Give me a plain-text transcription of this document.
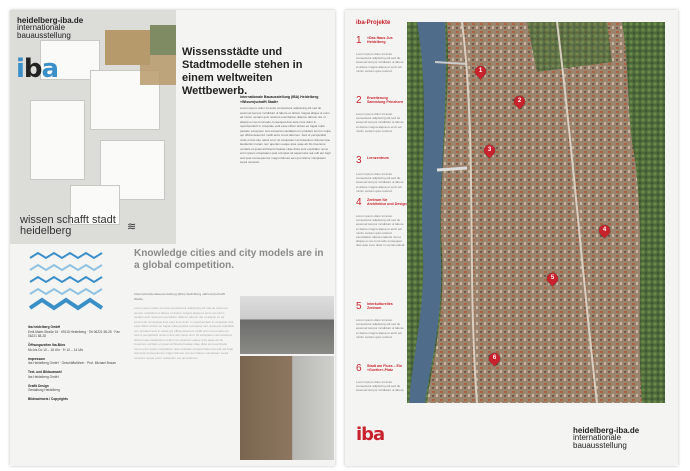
heidelberg-iba.de
internationale bauausstellung
iba
wissen schafft stadt heidelberg	≋
Wissensstädte und Stadtmodelle stehen in einem weltweiten Wettbewerb.
Internationale Bauausstellung (IBA) Heidelberg »Wissen|schafft Stadt«
Lorem ipsum dolor sit amet consectetur adipiscing elit sed do eiusmod tempor incididunt ut labore et dolore magna aliqua ut enim ad minim veniam quis nostrud exercitation ullamco laboris nisi ut aliquip ex ea commodo consequat duis aute irure dolor in reprehenderit in voluptate velit esse cillum dolore eu fugiat nulla pariatur excepteur sint occaecat cupidatat non proident sunt in culpa qui officia deserunt mollit anim id est laborum. Sed ut perspiciatis unde omnis iste natus error sit voluptatem accusantium doloremque laudantium totam rem aperiam eaque ipsa quae ab illo inventore veritatis et quasi architecto beatae vitae dicta sunt explicabo nemo enim ipsam voluptatem quia voluptas sit aspernatur aut odit aut fugit sed quia consequuntur magni dolores eos qui ratione voluptatem sequi nesciunt.
iba heidelberg GmbH
Emil-Maier-Straße 16 · 69115 Heidelberg · Tel 06221 58-25 · Fax 06221 58-28

Öffnungszeiten Iba-Büro
Mo bis Do 10 – 18 Uhr · Fr 10 – 14 Uhr

Impressum
Iba Heidelberg GmbH · Geschäftsführer · Prof. Michael Braum

Text- und Bildauswahl
Iba Heidelberg GmbH

Grafik Design
Gestaltung Heidelberg

Bildnachweis / Copyrights

Knowledge cities and city models are in a global competition.
Internationale Bauausstellung (IBA) Heidelberg »Wissen|schafft Stadt«
Lorem ipsum dolor sit amet consectetur adipiscing elit sed do eiusmod tempor incididunt ut labore et dolore magna aliqua ut enim ad minim veniam quis nostrud exercitation ullamco laboris nisi ut aliquip ex ea commodo consequat duis aute irure dolor in reprehenderit in voluptate velit esse cillum dolore eu fugiat nulla pariatur excepteur sint occaecat cupidatat non proident sunt in culpa qui officia deserunt mollit anim id est laborum sed ut perspiciatis unde omnis iste natus error sit voluptatem accusantium doloremque laudantium totam rem aperiam eaque ipsa quae ab illo inventore veritatis et quasi architecto beatae vitae dicta sunt explicabo nemo enim ipsam voluptatem quia voluptas sit aspernatur aut odit aut fugit sed quia consequuntur magni dolores eos qui ratione voluptatem sequi nesciunt neque porro quisquam est qui dolorem.
iba-Projekte
1	»Das Haus Jus Heidelberg
Lorem ipsum dolor sit amet consectetur adipiscing elit sed do eiusmod tempor incididunt ut labore et dolore magna aliqua ut enim ad minim veniam quis nostrud.
2	Erweiterung Sammlung Prinzhorn
Lorem ipsum dolor sit amet consectetur adipiscing elit sed do eiusmod tempor incididunt ut labore et dolore magna aliqua ut enim ad minim veniam quis nostrud.
3	Lernzentrum
Lorem ipsum dolor sit amet consectetur adipiscing elit sed do eiusmod tempor incididunt ut labore et dolore magna aliqua ut enim ad minim veniam quis nostrud.
4	Zentrum für Architektur und Design
Lorem ipsum dolor sit amet consectetur adipiscing elit sed do eiusmod tempor incididunt ut labore et dolore magna aliqua ut enim ad minim veniam quis nostrud exercitation ullamco laboris nisi ut aliquip ex ea commodo consequat duis aute irure dolor in reprehenderit.
5	Interkulturelles Zentrum
Lorem ipsum dolor sit amet consectetur adipiscing elit sed do eiusmod tempor incididunt ut labore et dolore magna aliqua ut enim ad minim veniam quis nostrud.
6	Stadt am Fluss – Ein »Goethe«-Platz
Lorem ipsum dolor sit amet consectetur adipiscing elit sed do eiusmod tempor incididunt ut labore.
1
2
3
4
5
6
iba	heidelberg-iba.de
internationale bauausstellung
